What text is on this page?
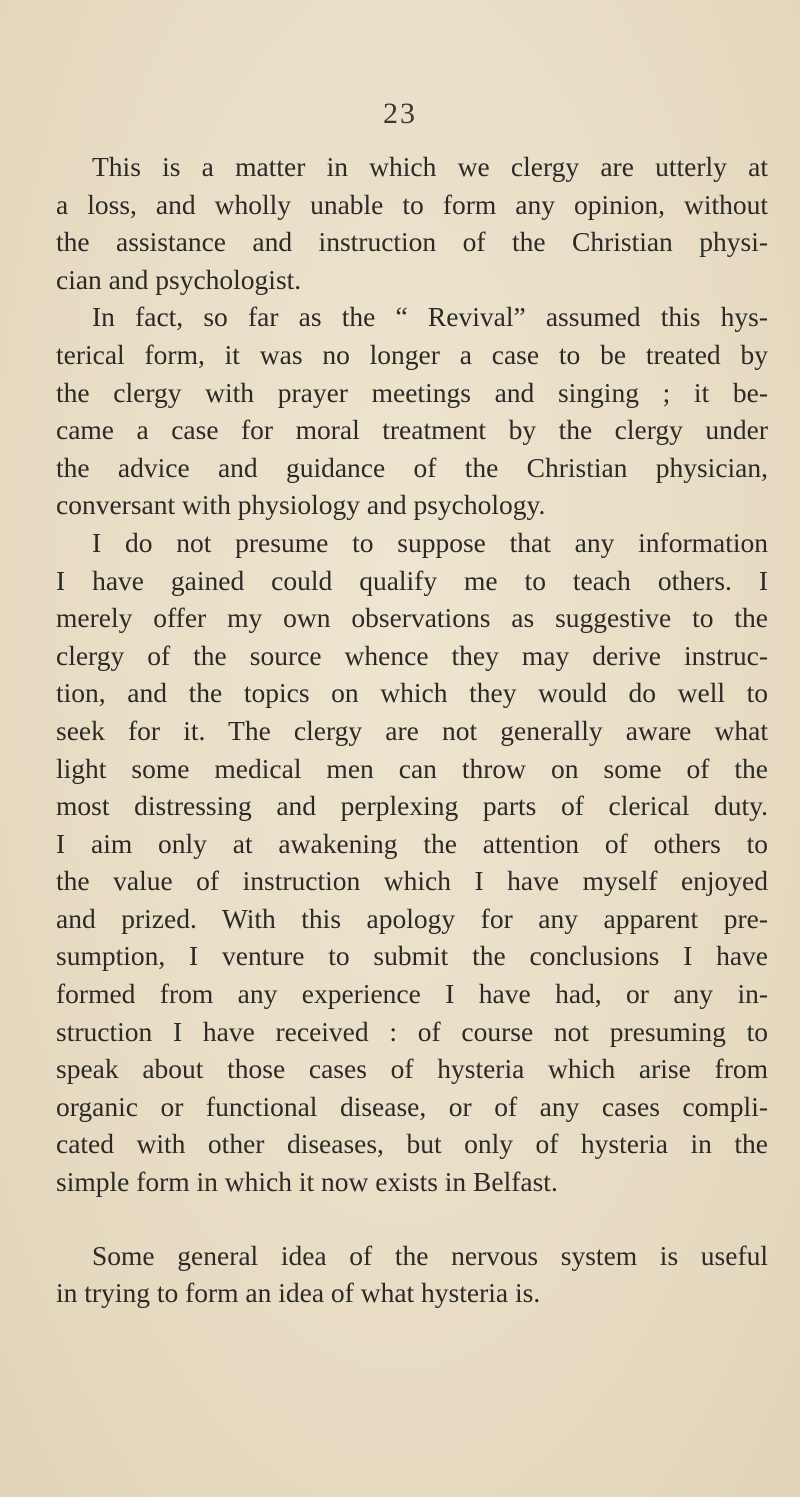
23

This is a matter in which we clergy are utterly at

a loss, and wholly unable to form any opinion, without

the assistance and instruction of the Christian physi-

cian and psychologist.

In fact, so far as the “ Revival” assumed this hys-

terical form, it was no longer a case to be treated by

the clergy with prayer meetings and singing ; it be-

came a case for moral treatment by the clergy under

the advice and guidance of the Christian physician,

conversant with physiology and psychology.

I do not presume to suppose that any information

I have gained could qualify me to teach others. I

merely offer my own observations as suggestive to the

clergy of the source whence they may derive instruc-

tion, and the topics on which they would do well to

seek for it. The clergy are not generally aware what

light some medical men can throw on some of the

most distressing and perplexing parts of clerical duty.

I aim only at awakening the attention of others to

the value of instruction which I have myself enjoyed

and prized. With this apology for any apparent pre-

sumption, I venture to submit the conclusions I have

formed from any experience I have had, or any in-

struction I have received : of course not presuming to

speak about those cases of hysteria which arise from

organic or functional disease, or of any cases compli-

cated with other diseases, but only of hysteria in the

simple form in which it now exists in Belfast.

Some general idea of the nervous system is useful

in trying to form an idea of what hysteria is.
